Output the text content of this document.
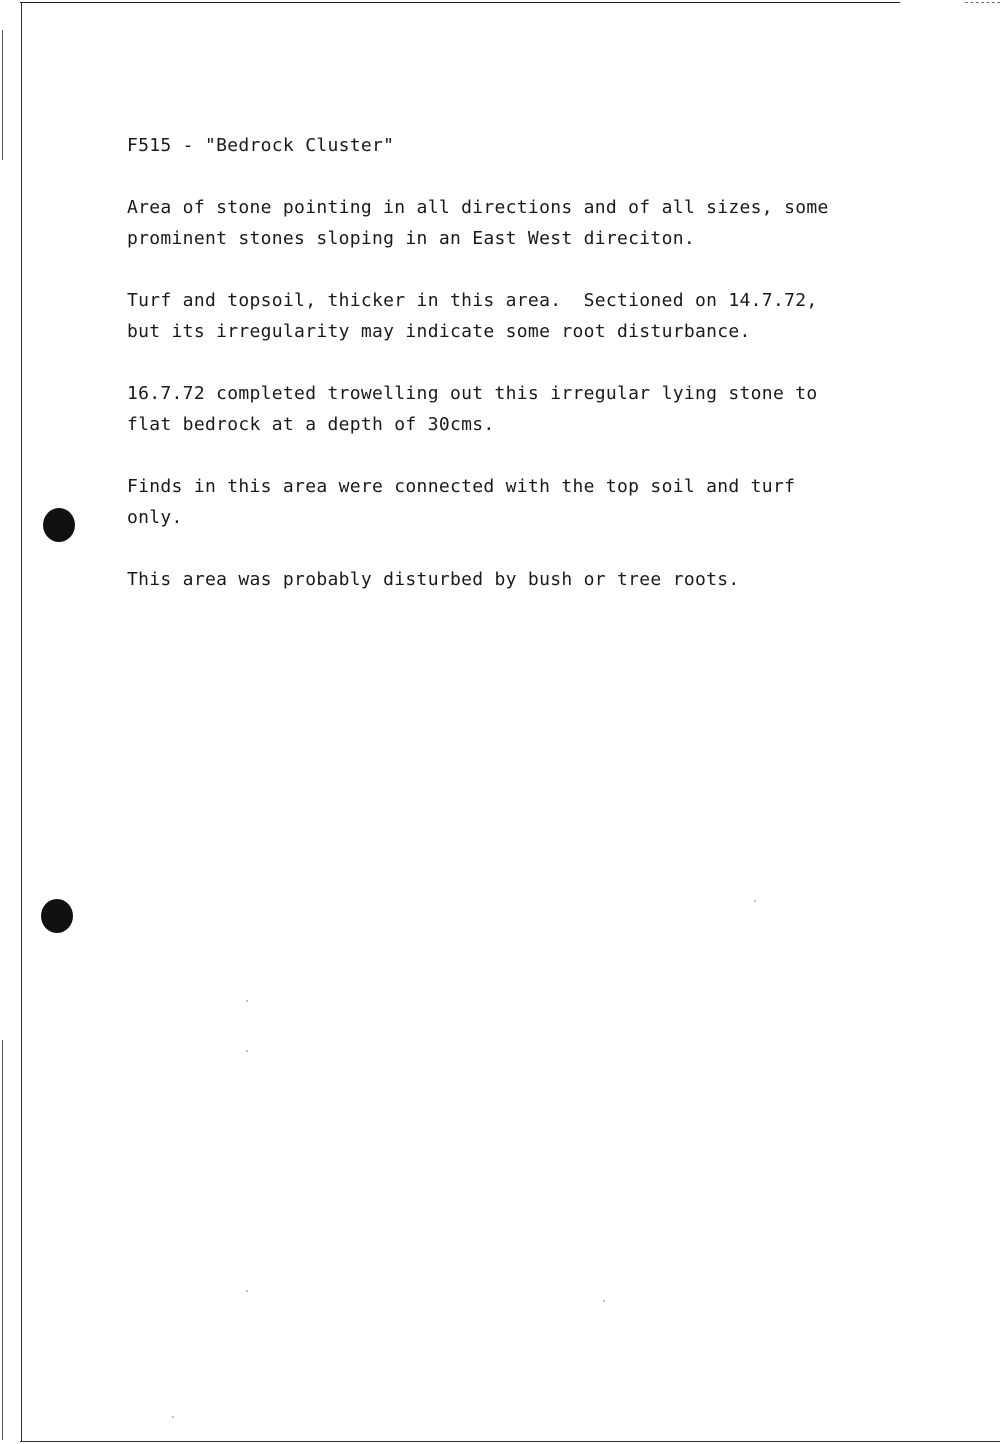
F515 - "Bedrock Cluster"
Area of stone pointing in all directions and of all sizes, some
prominent stones sloping in an East West direciton.
Turf and topsoil, thicker in this area.  Sectioned on 14.7.72,
but its irregularity may indicate some root disturbance.
16.7.72 completed trowelling out this irregular lying stone to
flat bedrock at a depth of 30cms.
Finds in this area were connected with the top soil and turf
only.
This area was probably disturbed by bush or tree roots.
